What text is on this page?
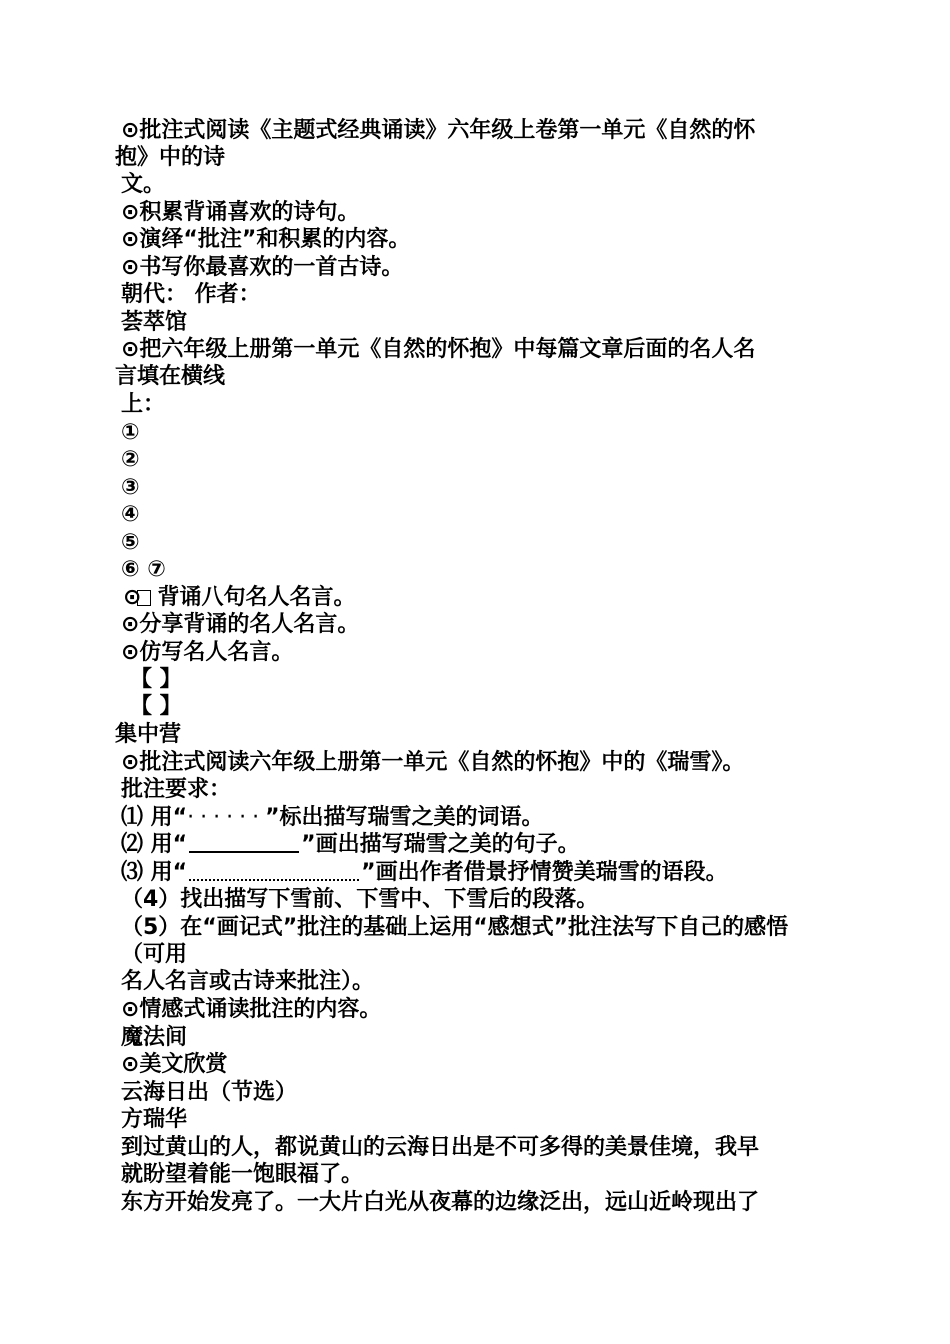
⊙批注式阅读《主题式经典诵读》六年级上卷第一单元《自然的怀
抱》中的诗
文。
⊙积累背诵喜欢的诗句。
⊙演绎“批注”和积累的内容。
⊙书写你最喜欢的一首古诗。
朝代： 作者：
荟萃馆
⊙把六年级上册第一单元《自然的怀抱》中每篇文章后面的名人名
言填在横线
上：
①
②
③
④
⑤
⑥ ⑦
⊙ 背诵八句名人名言。
⊙分享背诵的名人名言。
⊙仿写名人名言。
【 】
【 】
集中营
⊙批注式阅读六年级上册第一单元《自然的怀抱》中的《瑞雪》。
批注要求：
⑴ 用“······”标出描写瑞雪之美的词语。
⑵ 用“	”画出描写瑞雪之美的句子。
⑶ 用“	”画出作者借景抒情赞美瑞雪的语段。
（4）找出描写下雪前、下雪中、下雪后的段落。
（5）在“画记式”批注的基础上运用“感想式”批注法写下自己的感悟
（可用
名人名言或古诗来批注）。
⊙情感式诵读批注的内容。
魔法间
⊙美文欣赏
云海日出（节选）
方瑞华
到过黄山的人，都说黄山的云海日出是不可多得的美景佳境，我早
就盼望着能一饱眼福了。
东方开始发亮了。一大片白光从夜幕的边缘泛出，远山近岭现出了
